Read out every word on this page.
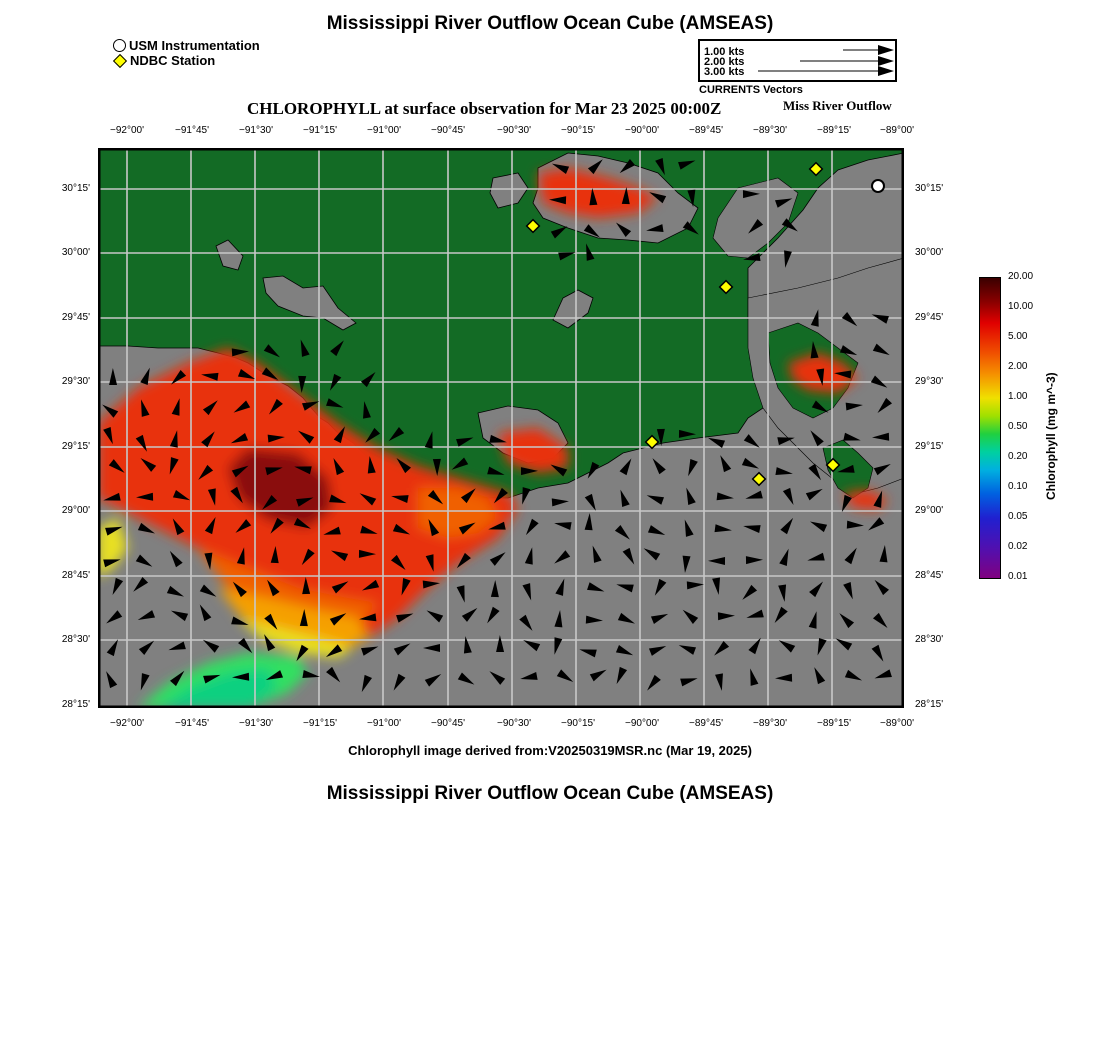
Mississippi River Outflow Ocean Cube (AMSEAS)
USM Instrumentation
NDBC Station
1.00 kts
2.00 kts
3.00 kts
CURRENTS Vectors
CHLOROPHYLL at surface observation for Mar 23 2025 00:00Z	Miss River Outflow
−92°00'	−91°45'	−91°30'	−91°15'	−91°00'	−90°45'	−90°30'	−90°15'	−90°00'	−89°45'	−89°30'	−89°15'	−89°00'
−92°00'	−91°45'	−91°30'	−91°15'	−91°00'	−90°45'	−90°30'	−90°15'	−90°00'	−89°45'	−89°30'	−89°15'	−89°00'
30°15'
30°00'
29°45'
29°30'
29°15'
29°00'
28°45'
28°30'
28°15'
30°15'
30°00'
29°45'
29°30'
29°15'
29°00'
28°45'
28°30'
28°15'
20.00
10.00
5.00
2.00
1.00
0.50
0.20
0.10
0.05
0.02
0.01
Chlorophyll (mg m^-3)
Chlorophyll image derived from:V20250319MSR.nc (Mar 19, 2025)
Mississippi River Outflow Ocean Cube (AMSEAS)
